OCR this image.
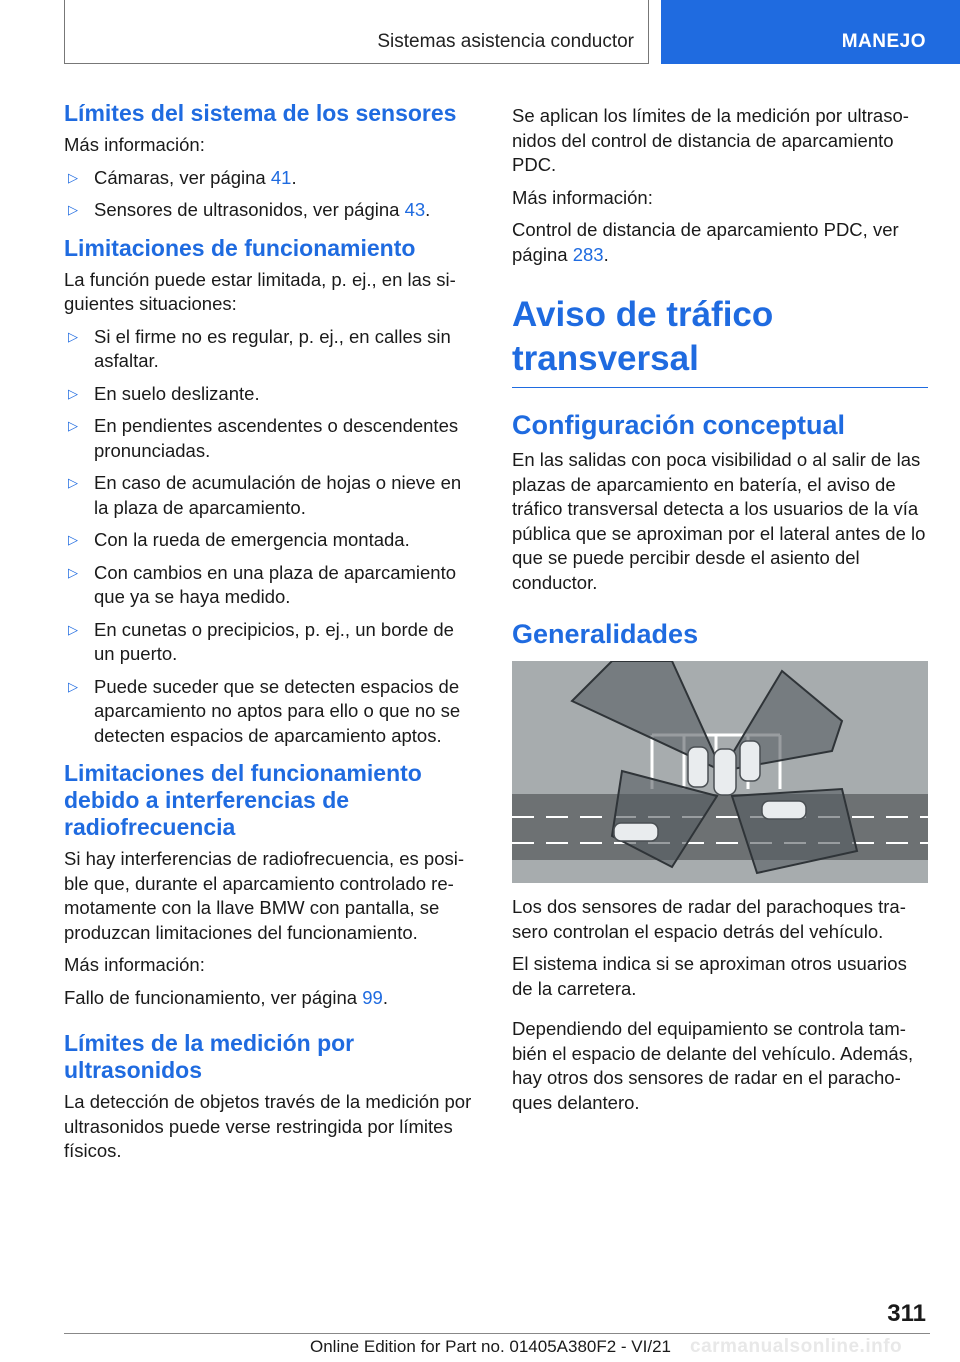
Sistemas asistencia conductor	MANEJO
Límites del sistema de los sensores

Más información:

▷ Cámaras, ver página 41.
▷ Sensores de ultrasonidos, ver página 43.
Limitaciones de funcionamiento

La función puede estar limitada, p. ej., en las siguientes situaciones:

▷ Si el firme no es regular, p. ej., en calles sin asfaltar.
▷ En suelo deslizante.
▷ En pendientes ascendentes o descendentes pronunciadas.
▷ En caso de acumulación de hojas o nieve en la plaza de aparcamiento.
▷ Con la rueda de emergencia montada.
▷ Con cambios en una plaza de aparcamiento que ya se haya medido.
▷ En cunetas o precipicios, p. ej., un borde de un puerto.
▷ Puede suceder que se detecten espacios de aparcamiento no aptos para ello o que no se detecten espacios de aparcamiento aptos.
Limitaciones del funcionamiento debido a interferencias de radiofrecuencia

Si hay interferencias de radiofrecuencia, es posible que, durante el aparcamiento controlado remotamente con la llave BMW con pantalla, se produzcan limitaciones del funcionamiento.

Más información:

Fallo de funcionamiento, ver página 99.

Límites de la medición por ultrasonidos

La detección de objetos través de la medición por ultrasonidos puede verse restringida por límites físicos.

Se aplican los límites de la medición por ultrasonidos del control de distancia de aparcamiento PDC.

Más información:

Control de distancia de aparcamiento PDC, ver página 283.

Aviso de tráfico transversal
Configuración conceptual

En las salidas con poca visibilidad o al salir de las plazas de aparcamiento en batería, el aviso de tráfico transversal detecta a los usuarios de la vía pública que se aproximan por el lateral antes de lo que se puede percibir desde el asiento del conductor.

Generalidades

Los dos sensores de radar del parachoques trasero controlan el espacio detrás del vehículo.

El sistema indica si se aproximan otros usuarios de la carretera.

Dependiendo del equipamiento se controla también el espacio de delante del vehículo. Además, hay otros dos sensores de radar en el parachoques delantero.

311
Online Edition for Part no. 01405A380F2 - VI/21 carmanualsonline.info
